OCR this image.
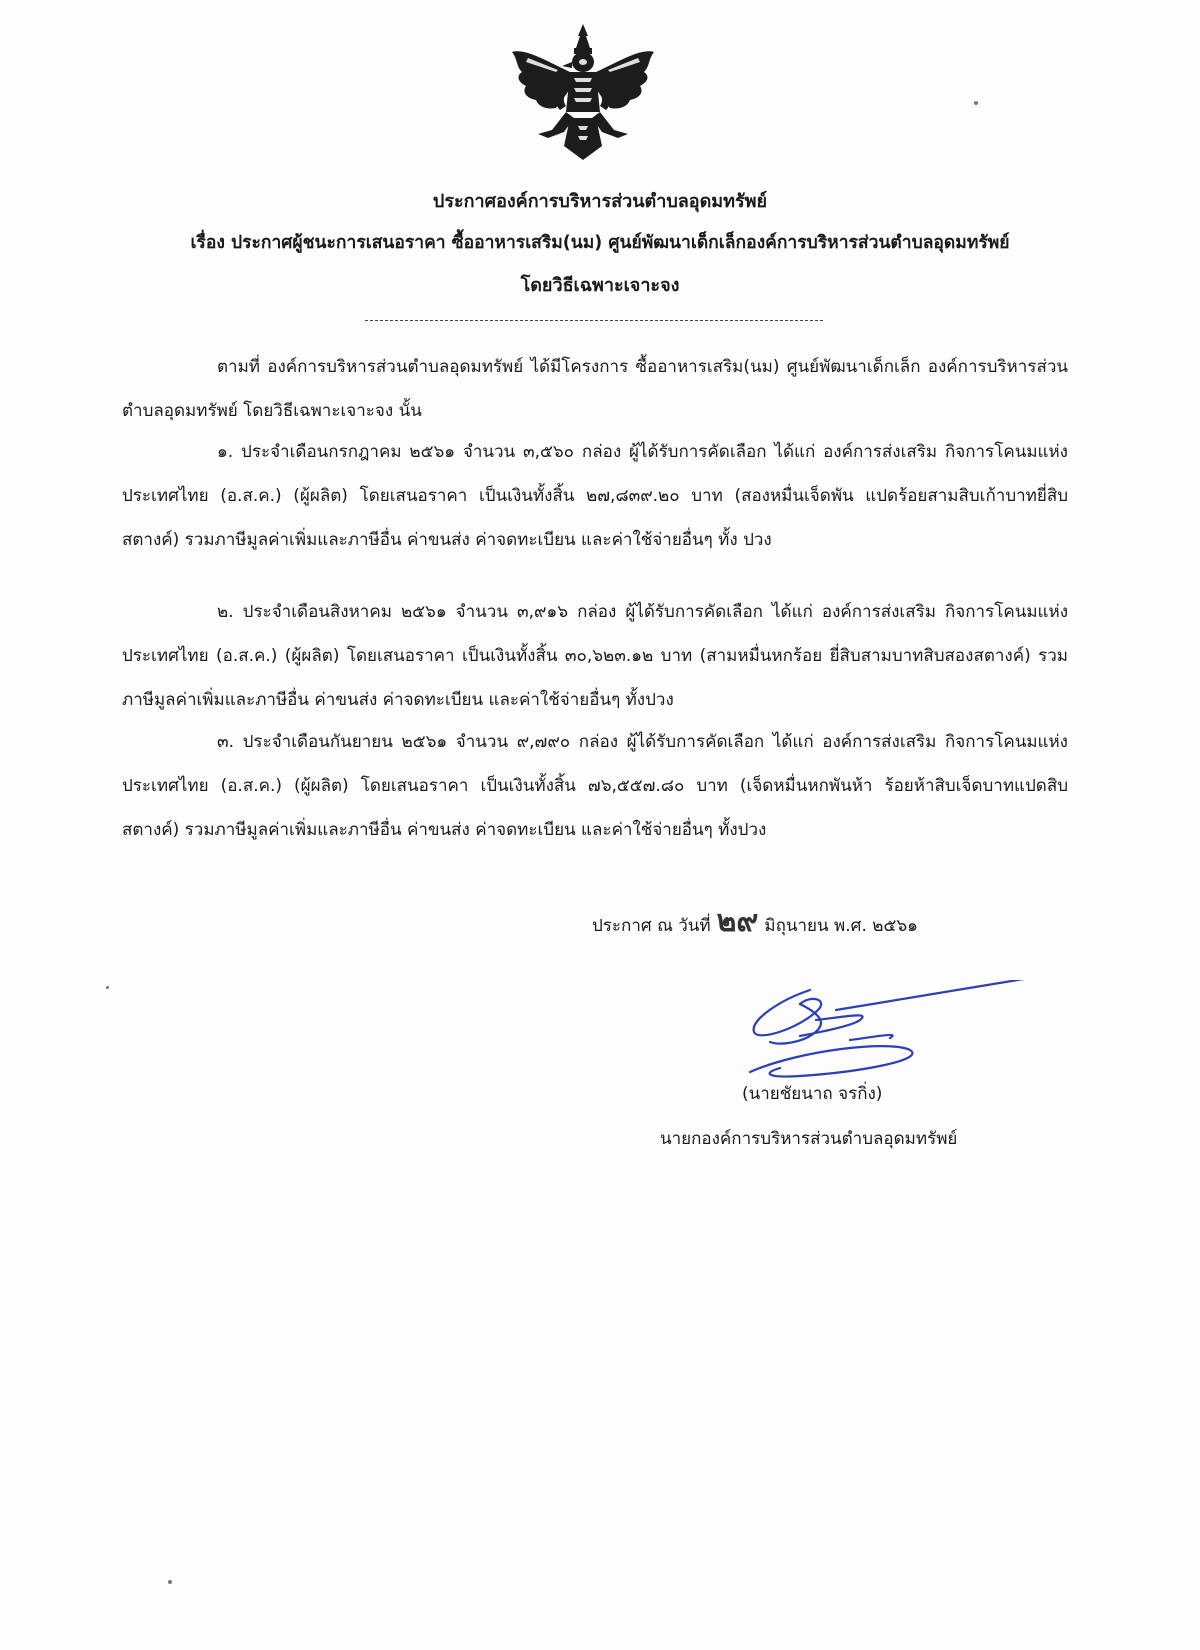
ประกาศองค์การบริหารส่วนตำบลอุดมทรัพย์
เรื่อง ประกาศผู้ชนะการเสนอราคา ซื้ออาหารเสริม(นม) ศูนย์พัฒนาเด็กเล็กองค์การบริหารส่วนตำบลอุดมทรัพย์
โดยวิธีเฉพาะเจาะจง
ตามที่ องค์การบริหารส่วนตำบลอุดมทรัพย์ ได้มีโครงการ ซื้ออาหารเสริม(นม) ศูนย์พัฒนาเด็กเล็ก องค์การบริหารส่วนตำบลอุดมทรัพย์ โดยวิธีเฉพาะเจาะจง นั้น
๑. ประจำเดือนกรกฎาคม ๒๕๖๑ จำนวน ๓,๕๖๐ กล่อง ผู้ได้รับการคัดเลือก ได้แก่ องค์การส่งเสริม กิจการโคนมแห่งประเทศไทย (อ.ส.ค.) (ผู้ผลิต) โดยเสนอราคา เป็นเงินทั้งสิ้น ๒๗,๘๓๙.๒๐ บาท (สองหมื่นเจ็ดพัน แปดร้อยสามสิบเก้าบาทยี่สิบสตางค์) รวมภาษีมูลค่าเพิ่มและภาษีอื่น ค่าขนส่ง ค่าจดทะเบียน และค่าใช้จ่ายอื่นๆ ทั้ง ปวง
๒. ประจำเดือนสิงหาคม ๒๕๖๑ จำนวน ๓,๙๑๖ กล่อง ผู้ได้รับการคัดเลือก ได้แก่ องค์การส่งเสริม กิจการโคนมแห่งประเทศไทย (อ.ส.ค.) (ผู้ผลิต) โดยเสนอราคา เป็นเงินทั้งสิ้น ๓๐,๖๒๓.๑๒ บาท (สามหมื่นหกร้อย ยี่สิบสามบาทสิบสองสตางค์) รวมภาษีมูลค่าเพิ่มและภาษีอื่น ค่าขนส่ง ค่าจดทะเบียน และค่าใช้จ่ายอื่นๆ ทั้งปวง
๓. ประจำเดือนกันยายน ๒๕๖๑ จำนวน ๙,๗๙๐ กล่อง ผู้ได้รับการคัดเลือก ได้แก่ องค์การส่งเสริม กิจการโคนมแห่งประเทศไทย (อ.ส.ค.) (ผู้ผลิต) โดยเสนอราคา เป็นเงินทั้งสิ้น ๗๖,๕๕๗.๘๐ บาท (เจ็ดหมื่นหกพันห้า ร้อยห้าสิบเจ็ดบาทแปดสิบสตางค์) รวมภาษีมูลค่าเพิ่มและภาษีอื่น ค่าขนส่ง ค่าจดทะเบียน และค่าใช้จ่ายอื่นๆ ทั้งปวง
ประกาศ ณ วันที่ ๒๙ มิถุนายน พ.ศ. ๒๕๖๑
(นายชัยนาถ จรกิ่ง)
นายกองค์การบริหารส่วนตำบลอุดมทรัพย์
